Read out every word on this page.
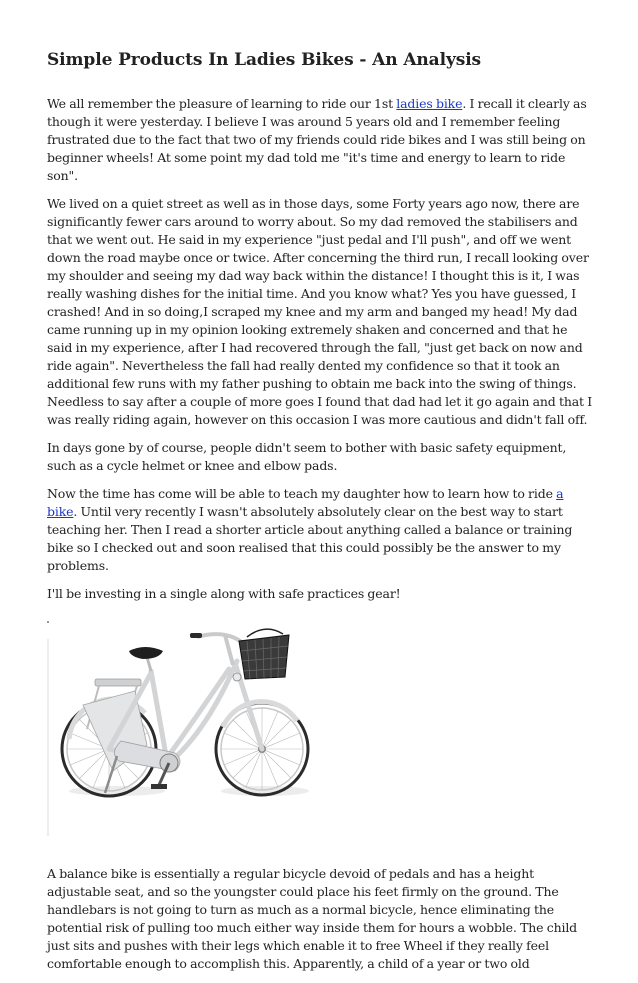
Simple Products In Ladies Bikes - An Analysis

We all remember the pleasure of learning to ride our 1st ladies bike. I recall it clearly as though it were yesterday. I believe I was around 5 years old and I remember feeling frustrated due to the fact that two of my friends could ride bikes and I was still being on beginner wheels! At some point my dad told me "it's time and energy to learn to ride son".

We lived on a quiet street as well as in those days, some Forty years ago now, there are significantly fewer cars around to worry about. So my dad removed the stabilisers and that we went out. He said in my experience "just pedal and I'll push", and off we went down the road maybe once or twice. After concerning the third run, I recall looking over my shoulder and seeing my dad way back within the distance! I thought this is it, I was really washing dishes for the initial time. And you know what? Yes you have guessed, I crashed! And in so doing,I scraped my knee and my arm and banged my head! My dad came running up in my opinion looking extremely shaken and concerned and that he said in my experience, after I had recovered through the fall, "just get back on now and ride again". Nevertheless the fall had really dented my confidence so that it took an additional few runs with my father pushing to obtain me back into the swing of things. Needless to say after a couple of more goes I found that dad had let it go again and that I was really riding again, however on this occasion I was more cautious and didn't fall off.

In days gone by of course, people didn't seem to bother with basic safety equipment, such as a cycle helmet or knee and elbow pads.

Now the time has come will be able to teach my daughter how to learn how to ride a bike. Until very recently I wasn't absolutely absolutely clear on the best way to start teaching her. Then I read a shorter article about anything called a balance or training bike so I checked out and soon realised that this could possibly be the answer to my problems.

I'll be investing in a single along with safe practices gear!

A balance bike is essentially a regular bicycle devoid of pedals and has a height adjustable seat, and so the youngster could place his feet firmly on the ground. The handlebars is not going to turn as much as a normal bicycle, hence eliminating the potential risk of pulling too much either way inside them for hours a wobble. The child just sits and pushes with their legs which enable it to free Wheel if they really feel comfortable enough to accomplish this. Apparently, a child of a year or two old
